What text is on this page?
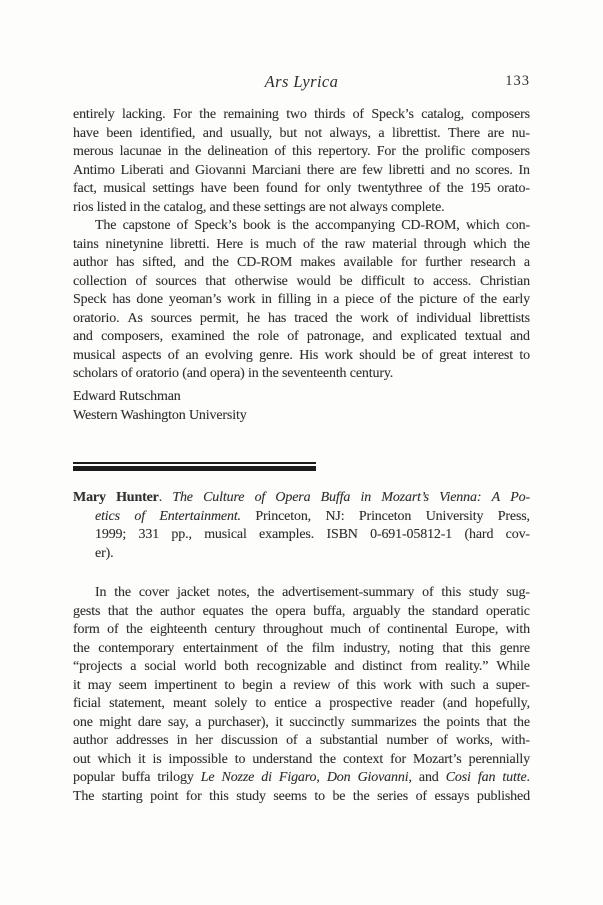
Ars Lyrica	133
entirely lacking. For the remaining two thirds of Speck’s catalog, composers
have been identified, and usually, but not always, a librettist. There are nu-
merous lacunae in the delineation of this repertory. For the prolific composers
Antimo Liberati and Giovanni Marciani there are few libretti and no scores. In
fact, musical settings have been found for only twentythree of the 195 orato-
rios listed in the catalog, and these settings are not always complete.
The capstone of Speck’s book is the accompanying CD-ROM, which con-
tains ninetynine libretti. Here is much of the raw material through which the
author has sifted, and the CD-ROM makes available for further research a
collection of sources that otherwise would be difficult to access. Christian
Speck has done yeoman’s work in filling in a piece of the picture of the early
oratorio. As sources permit, he has traced the work of individual librettists
and composers, examined the role of patronage, and explicated textual and
musical aspects of an evolving genre. His work should be of great interest to
scholars of oratorio (and opera) in the seventeenth century.
Edward Rutschman
Western Washington University
Mary Hunter. The Culture of Opera Buffa in Mozart’s Vienna: A Po-
etics of Entertainment. Princeton, NJ: Princeton University Press,
1999; 331 pp., musical examples. ISBN 0-691-05812-1 (hard cov-
er).
In the cover jacket notes, the advertisement-summary of this study sug-
gests that the author equates the opera buffa, arguably the standard operatic
form of the eighteenth century throughout much of continental Europe, with
the contemporary entertainment of the film industry, noting that this genre
“projects a social world both recognizable and distinct from reality.” While
it may seem impertinent to begin a review of this work with such a super-
ficial statement, meant solely to entice a prospective reader (and hopefully,
one might dare say, a purchaser), it succinctly summarizes the points that the
author addresses in her discussion of a substantial number of works, with-
out which it is impossible to understand the context for Mozart’s perennially
popular buffa trilogy Le Nozze di Figaro, Don Giovanni, and Cosi fan tutte.
The starting point for this study seems to be the series of essays published
